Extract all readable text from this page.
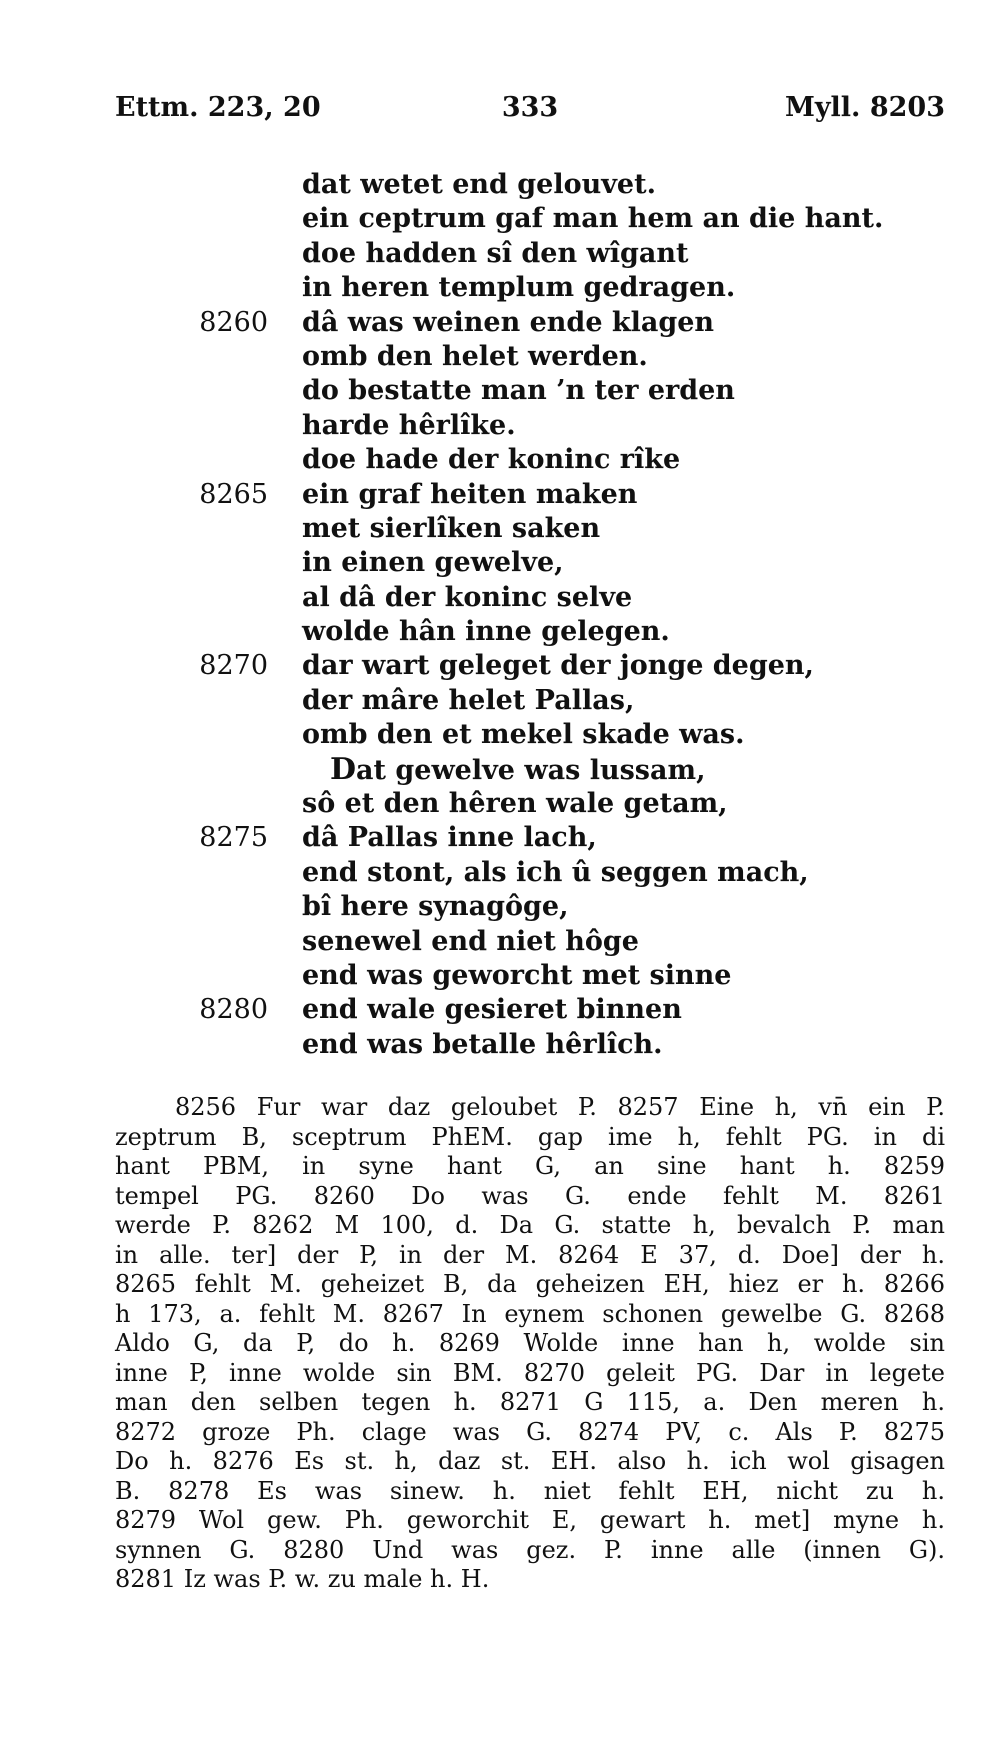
Ettm. 223, 20	333	Myll. 8203
dat wetet end gelouvet.
ein ceptrum gaf man hem an die hant.
doe hadden sî den wîgant
in heren templum gedragen.
8260 dâ was weinen ende klagen
omb den helet werden.
do bestatte man ’n ter erden
harde hêrlîke.
doe hade der koninc rîke
8265 ein graf heiten maken
met sierlîken saken
in einen gewelve,
al dâ der koninc selve
wolde hân inne gelegen.
8270 dar wart geleget der jonge degen,
der mâre helet Pallas,
omb den et mekel skade was.
Dat gewelve was lussam,
sô et den hêren wale getam,
8275 dâ Pallas inne lach,
end stont, als ich û seggen mach,
bî here synagôge,
senewel end niet hôge
end was geworcht met sinne
8280 end wale gesieret binnen
end was betalle hêrlîch.
8256 Fur war daz geloubet P. 8257 Eine h, vn̄ ein P.
zeptrum B, sceptrum PhEM. gap ime h, fehlt PG. in di
hant PBM, in syne hant G, an sine hant h. 8259
tempel PG. 8260 Do was G. ende fehlt M. 8261
werde P. 8262 M 100, d. Da G. statte h, bevalch P. man
in alle. ter] der P, in der M. 8264 E 37, d. Doe] der h.
8265 fehlt M. geheizet B, da geheizen EH, hiez er h. 8266
h 173, a. fehlt M. 8267 In eynem schonen gewelbe G. 8268
Aldo G, da P, do h. 8269 Wolde inne han h, wolde sin
inne P, inne wolde sin BM. 8270 geleit PG. Dar in legete
man den selben tegen h. 8271 G 115, a. Den meren h.
8272 groze Ph. clage was G. 8274 PV, c. Als P. 8275
Do h. 8276 Es st. h, daz st. EH. also h. ich wol gisagen
B. 8278 Es was sinew. h. niet fehlt EH, nicht zu h.
8279 Wol gew. Ph. geworchit E, gewart h. met] myne h.
synnen G. 8280 Und was gez. P. inne alle (innen G).
8281 Iz was P. w. zu male h. H.
